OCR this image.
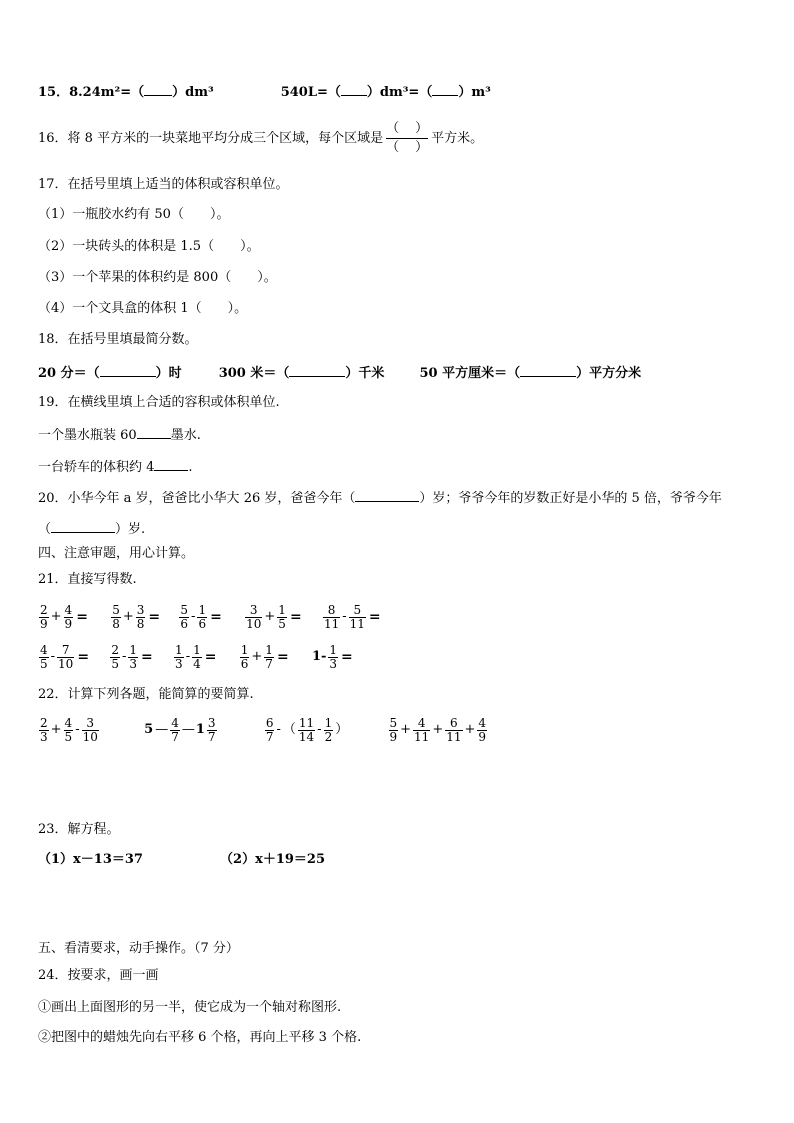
15．8.24m²=（ ）dm³	540L=（ ）dm³=（ ）m³
16．将 8 平方米的一块菜地平均分成三个区域，每个区域是 $\frac{( )}{( )}$ 平方米。
17．在括号里填上适当的体积或容积单位。
（1）一瓶胶水约有 50（　　）。
（2）一块砖头的体积是 1.5（　　）。
（3）一个苹果的体积约是 800（　　）。
（4）一个文具盒的体积 1（　　）。
18．在括号里填最简分数。
20 分＝（	）时	300 米＝（	）千米	50 平方厘米＝（	）平方分米
19．在横线里填上合适的容积或体积单位.
一个墨水瓶装 60	墨水.
一台轿车的体积约 4	.
20．小华今年 a 岁，爸爸比小华大 26 岁，爸爸今年（	）岁；爷爷今年的岁数正好是小华的 5 倍，爷爷今年
（	）岁.
四、注意审题，用心计算。
21．直接写得数.
$\frac{2}{9} + \frac{4}{9} = \frac{5}{8} + \frac{3}{8} = \frac{5}{6} - \frac{1}{6} = \frac{3}{10} + \frac{1}{5} = \frac{8}{11} - \frac{5}{11}$ =
$\frac{4}{5} - \frac{7}{10} = \frac{2}{5} - \frac{1}{3} = \frac{1}{3} - \frac{1}{4} = \frac{1}{6} + \frac{1}{7} = 1- \frac{1}{3}$ =
22．计算下列各题，能简算的要简算.
$\frac{2}{3} + \frac{4}{5} - \frac{3}{10}$
	5 — $\frac{4}{7}$ — $1 \frac{3}{7}$
	$\frac{6}{7}$ - （ $\frac{11}{14} - \frac{1}{2}$ ）	$\frac{5}{9} + \frac{4}{11} + \frac{6}{11} + \frac{4}{9}$
23．解方程。
（1）x－13＝37	（2）x＋19＝25
五、看清要求，动手操作。（7 分）
24．按要求，画一画
①画出上面图形的另一半，使它成为一个轴对称图形.
②把图中的蜡烛先向右平移 6 个格，再向上平移 3 个格.
